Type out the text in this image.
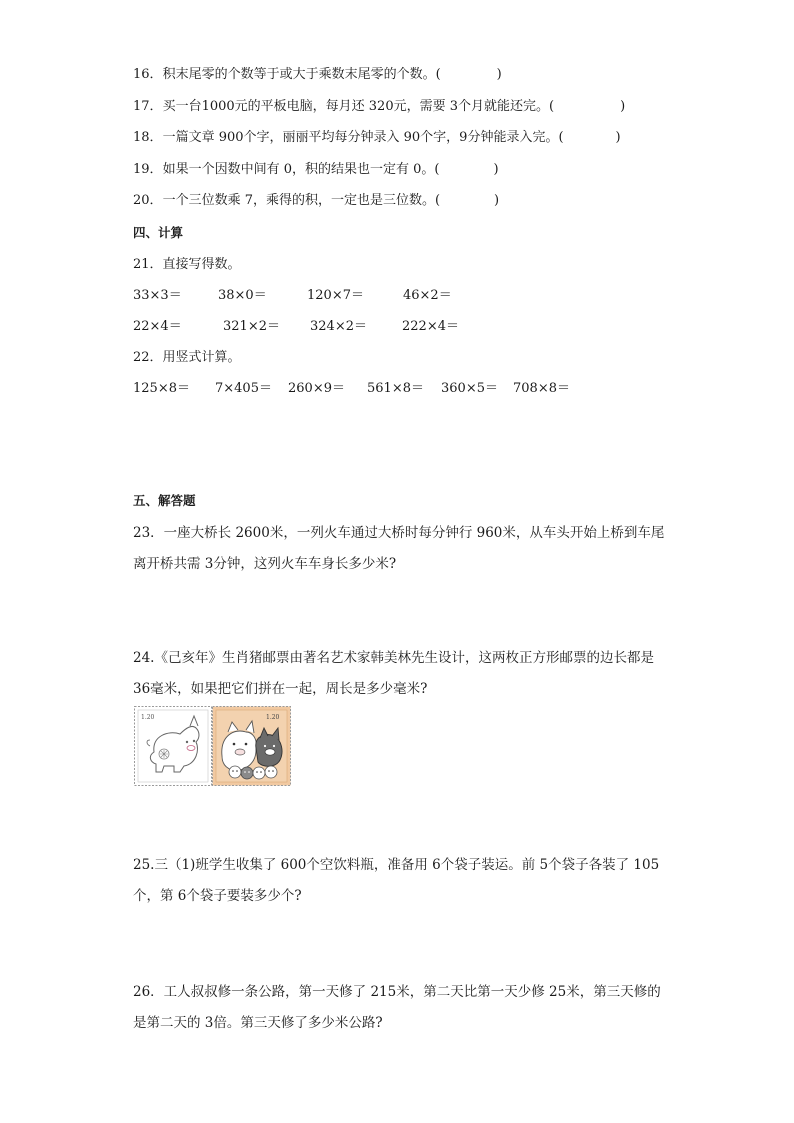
16．积末尾零的个数等于或大于乘数末尾零的个数。(	)
17．买一台1000元的平板电脑，每月还 320元，需要 3个月就能还完。(	)
18．一篇文章 900个字，丽丽平均每分钟录入 90个字，9分钟能录入完。(	)
19．如果一个因数中间有 0，积的结果也一定有 0。(	)
20．一个三位数乘 7，乘得的积，一定也是三位数。(	)
四、计算
21．直接写得数。
33×3＝	38×0＝	120×7＝	46×2＝
22×4＝	321×2＝ 324×2＝	222×4＝
22．用竖式计算。
125×8＝ 7×405＝ 260×9＝ 561×8＝ 360×5＝ 708×8＝
五、解答题
23．一座大桥长 2600米，一列火车通过大桥时每分钟行 960米，从车头开始上桥到车尾离开桥共需 3分钟，这列火车车身长多少米?
24.《己亥年》生肖猪邮票由著名艺术家韩美林先生设计，这两枚正方形邮票的边长都是 36毫米，如果把它们拼在一起，周长是多少毫米?
1.20	1.20
25.三（1)班学生收集了 600个空饮料瓶，准备用 6个袋子装运。前 5个袋子各装了 105个，第 6个袋子要装多少个?
26．工人叔叔修一条公路，第一天修了 215米，第二天比第一天少修 25米，第三天修的是第二天的 3倍。第三天修了多少米公路?
